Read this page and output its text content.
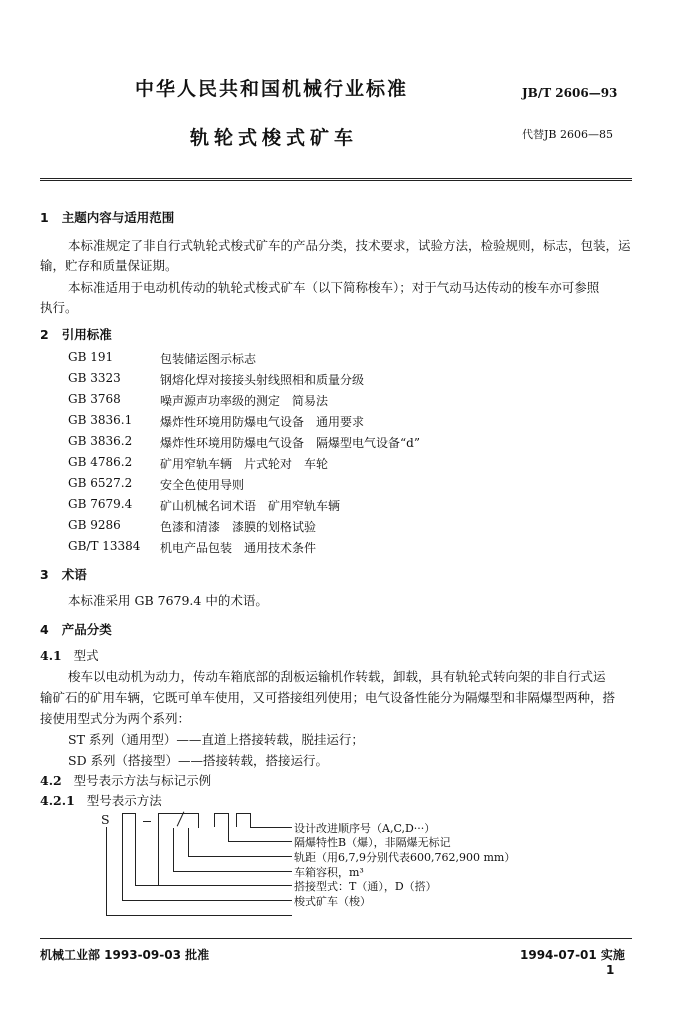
中华人民共和国机械行业标准	JB/T 2606—93
轨轮式梭式矿车	代替JB 2606—85
1 主题内容与适用范围
本标准规定了非自行式轨轮式梭式矿车的产品分类，技术要求，试验方法，检验规则，标志，包装，运
输，贮存和质量保证期。
本标准适用于电动机传动的轨轮式梭式矿车（以下简称梭车）；对于气动马达传动的梭车亦可参照
执行。
2 引用标准
GB 191	包装储运图示标志
GB 3323	钢熔化焊对接接头射线照相和质量分级
GB 3768	噪声源声功率级的测定　简易法
GB 3836.1	爆炸性环境用防爆电气设备　通用要求
GB 3836.2	爆炸性环境用防爆电气设备　隔爆型电气设备“d”
GB 4786.2	矿用窄轨车辆　片式轮对　车轮
GB 6527.2	安全色使用导则
GB 7679.4	矿山机械名词术语　矿用窄轨车辆
GB 9286	色漆和清漆　漆膜的划格试验
GB/T 13384	机电产品包装　通用技术条件
3 术语
本标准采用 GB 7679.4 中的术语。
4 产品分类
4.1 型式
梭车以电动机为动力，传动车箱底部的刮板运输机作转载，卸载，具有轨轮式转向架的非自行式运
输矿石的矿用车辆，它既可单车使用，又可搭接组列使用；电气设备性能分为隔爆型和非隔爆型两种，搭
接使用型式分为两个系列：
ST 系列（通用型）——直道上搭接转载，脱挂运行；
SD 系列（搭接型）——搭接转载，搭接运行。
4.2 型号表示方法与标记示例
4.2.1 型号表示方法
S
设计改进顺序号（A,C,D···）
隔爆特性B（爆），非隔爆无标记
轨距（用6,7,9分别代表600,762,900 mm）
车箱容积，m³
搭接型式：T（通），D（搭）
梭式矿车（梭）
机械工业部 1993-09-03 批准	1994-07-01 实施
1
